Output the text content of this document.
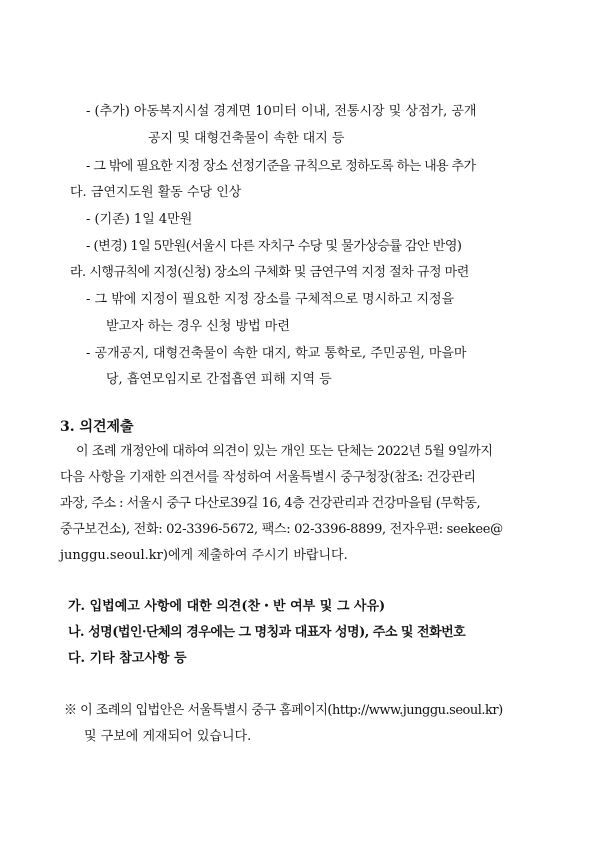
- (추가) 아동복지시설 경계면 10미터 이내, 전통시장 및 상점가, 공개
공지 및 대형건축물이 속한 대지 등
- 그 밖에 필요한 지정 장소 선정기준을 규칙으로 정하도록 하는 내용 추가
다. 금연지도원 활동 수당 인상
- (기존) 1일 4만원
- (변경) 1일 5만원(서울시 다른 자치구 수당 및 물가상승률 감안 반영)
라. 시행규칙에 지정(신청) 장소의 구체화 및 금연구역 지정 절차 규정 마련
- 그 밖에 지정이 필요한 지정 장소를 구체적으로 명시하고 지정을
받고자 하는 경우 신청 방법 마련
- 공개공지, 대형건축물이 속한 대지, 학교 통학로, 주민공원, 마을마
당, 흡연모임지로 간접흡연 피해 지역 등
3. 의견제출
이 조례 개정안에 대하여 의견이 있는 개인 또는 단체는 2022년 5월 9일까지
다음 사항을 기재한 의견서를 작성하여 서울특별시 중구청장(참조: 건강관리
과장, 주소 : 서울시 중구 다산로39길 16, 4층 건강관리과 건강마을팀 (무학동,
중구보건소), 전화: 02-3396-5672, 팩스: 02-3396-8899, 전자우편: seekee@
junggu.seoul.kr)에게 제출하여 주시기 바랍니다.
가. 입법예고 사항에 대한 의견(찬・반 여부 및 그 사유)
나. 성명(법인·단체의 경우에는 그 명칭과 대표자 성명), 주소 및 전화번호
다. 기타 참고사항 등
※ 이 조례의 입법안은 서울특별시 중구 홈페이지(http://www.junggu.seoul.kr)
및 구보에 게재되어 있습니다.
